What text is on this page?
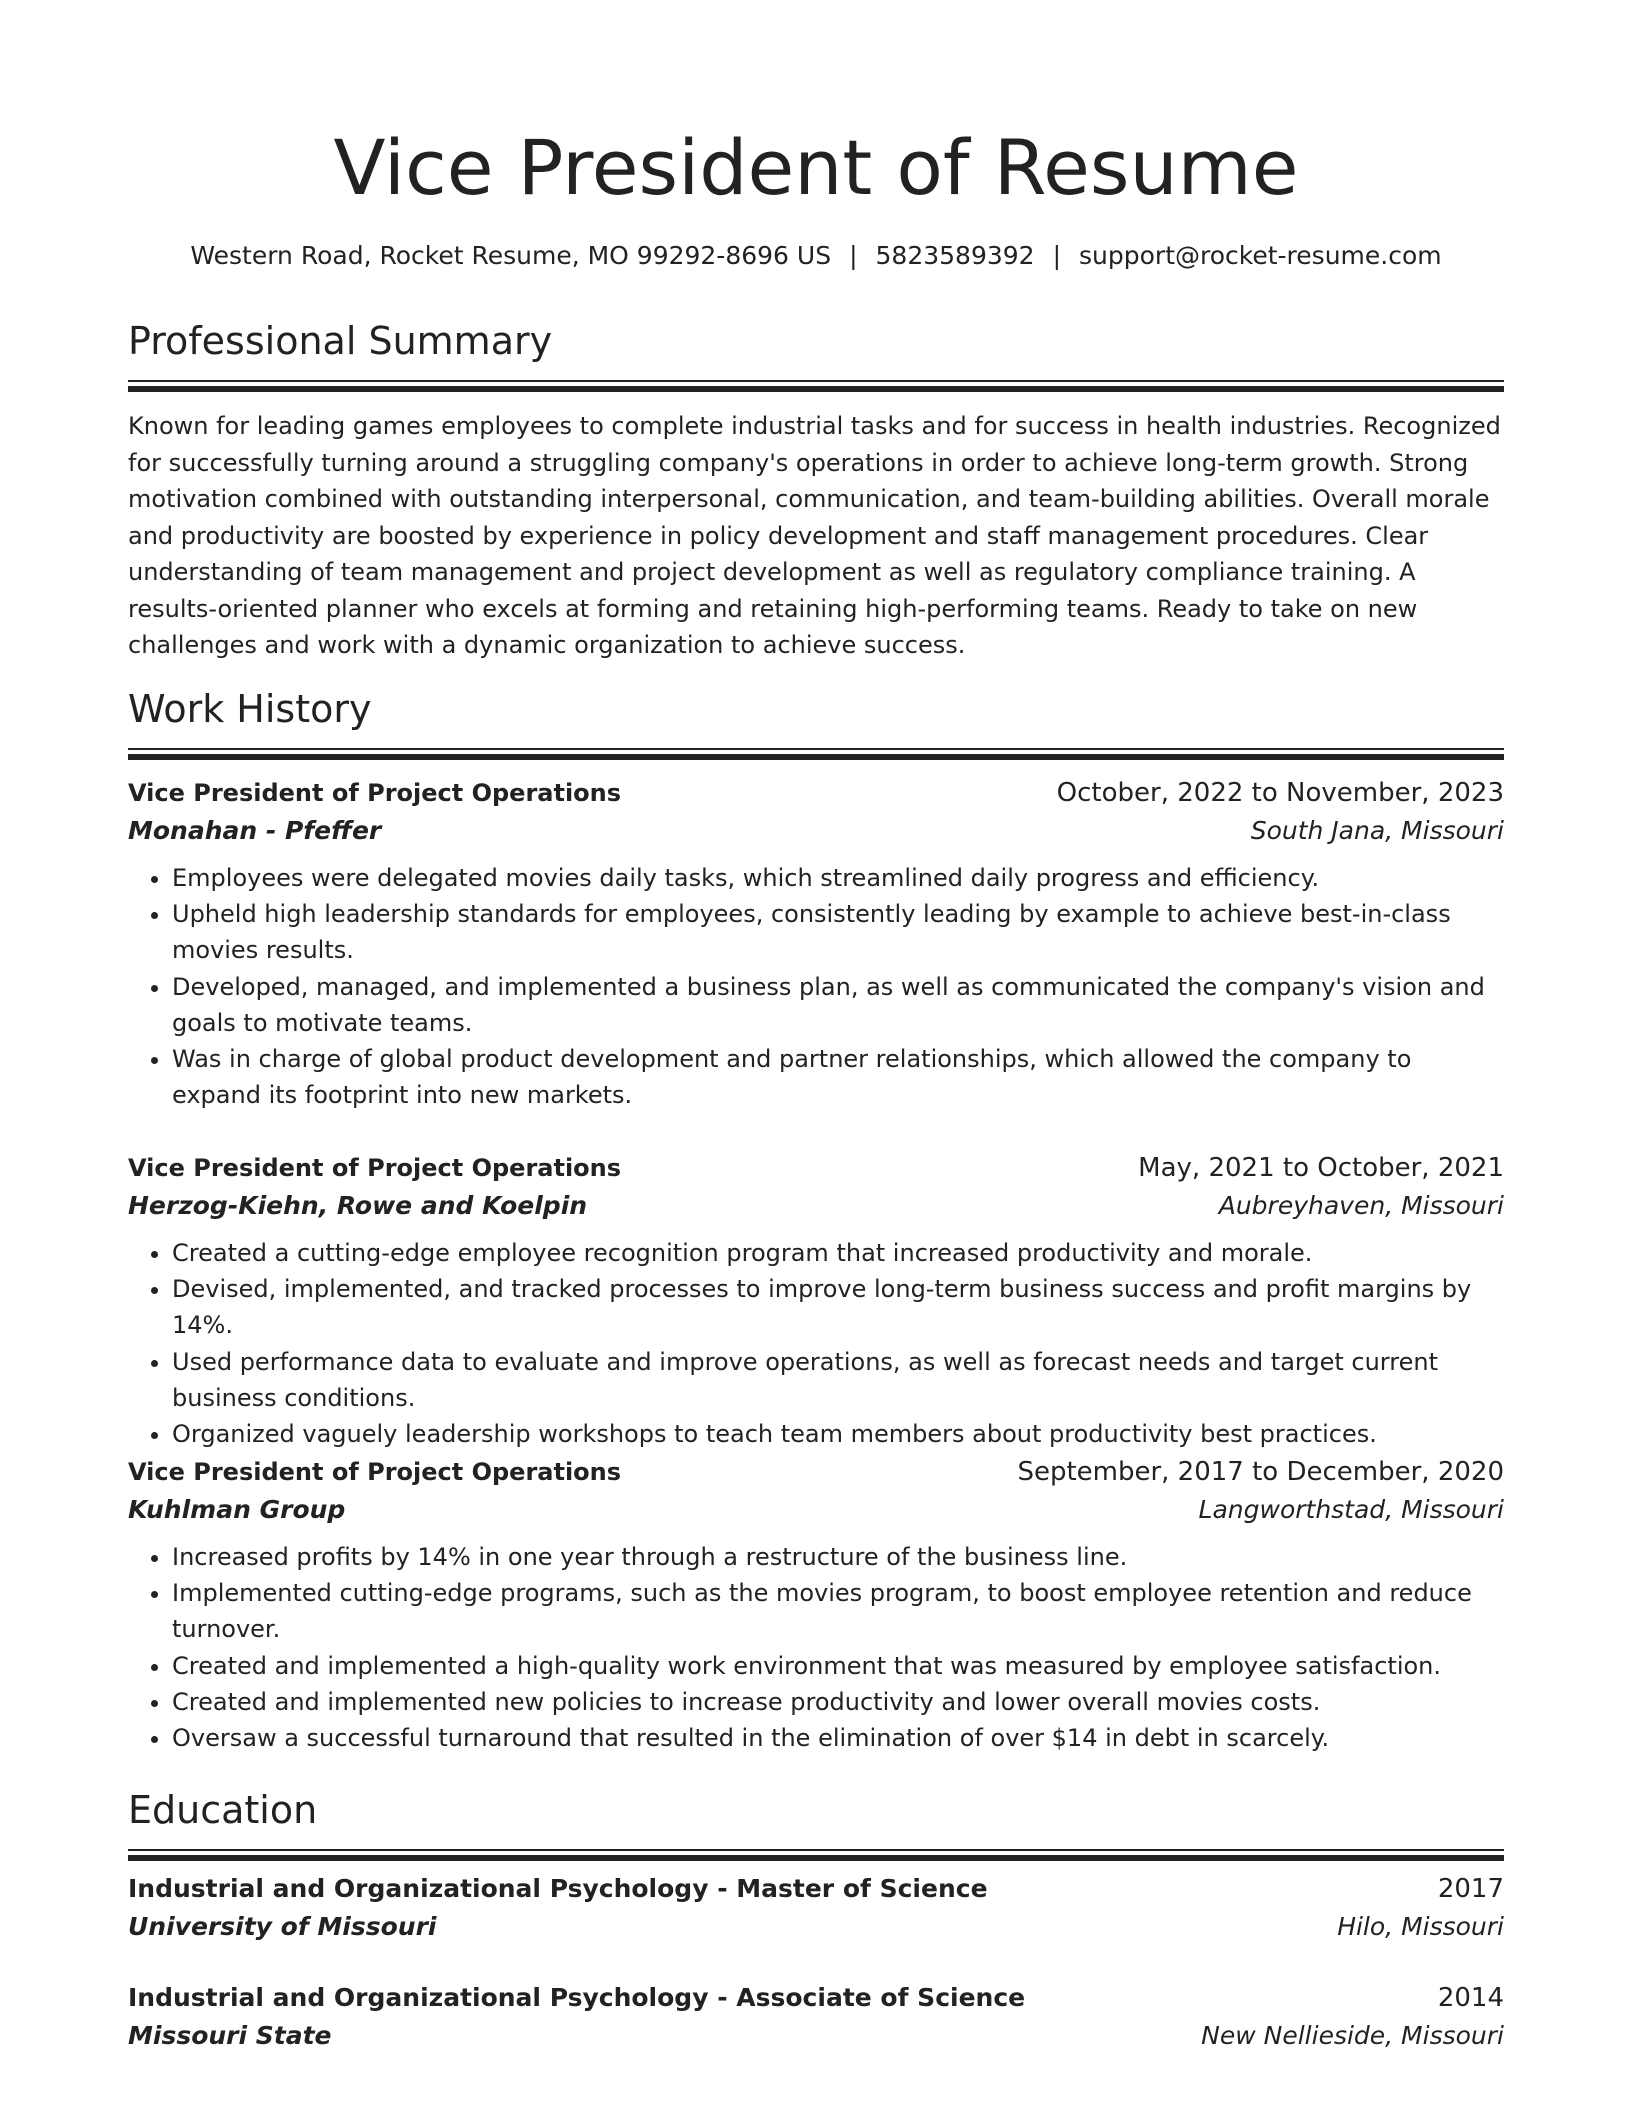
Vice President of Resume
Western Road, Rocket Resume, MO 99292-8696 US | 5823589392 | support@rocket-resume.com
Professional Summary
Known for leading games employees to complete industrial tasks and for success in health industries. Recognized for successfully turning around a struggling company's operations in order to achieve long-term growth. Strong motivation combined with outstanding interpersonal, communication, and team-building abilities. Overall morale and productivity are boosted by experience in policy development and staff management procedures. Clear understanding of team management and project development as well as regulatory compliance training. A results-oriented planner who excels at forming and retaining high-performing teams. Ready to take on new challenges and work with a dynamic organization to achieve success.
Work History
Vice President of Project Operations	October, 2022 to November, 2023
Monahan - Pfeffer	South Jana, Missouri
• Employees were delegated movies daily tasks, which streamlined daily progress and efficiency.
• Upheld high leadership standards for employees, consistently leading by example to achieve best-in-class movies results.
• Developed, managed, and implemented a business plan, as well as communicated the company's vision and goals to motivate teams.
• Was in charge of global product development and partner relationships, which allowed the company to expand its footprint into new markets.
Vice President of Project Operations	May, 2021 to October, 2021
Herzog-Kiehn, Rowe and Koelpin	Aubreyhaven, Missouri
• Created a cutting-edge employee recognition program that increased productivity and morale.
• Devised, implemented, and tracked processes to improve long-term business success and profit margins by 14%.
• Used performance data to evaluate and improve operations, as well as forecast needs and target current business conditions.
• Organized vaguely leadership workshops to teach team members about productivity best practices.
Vice President of Project Operations	September, 2017 to December, 2020
Kuhlman Group	Langworthstad, Missouri
• Increased profits by 14% in one year through a restructure of the business line.
• Implemented cutting-edge programs, such as the movies program, to boost employee retention and reduce turnover.
• Created and implemented a high-quality work environment that was measured by employee satisfaction.
• Created and implemented new policies to increase productivity and lower overall movies costs.
• Oversaw a successful turnaround that resulted in the elimination of over $14 in debt in scarcely.
Education
Industrial and Organizational Psychology - Master of Science	2017
University of Missouri	Hilo, Missouri
Industrial and Organizational Psychology - Associate of Science	2014
Missouri State	New Nellieside, Missouri
